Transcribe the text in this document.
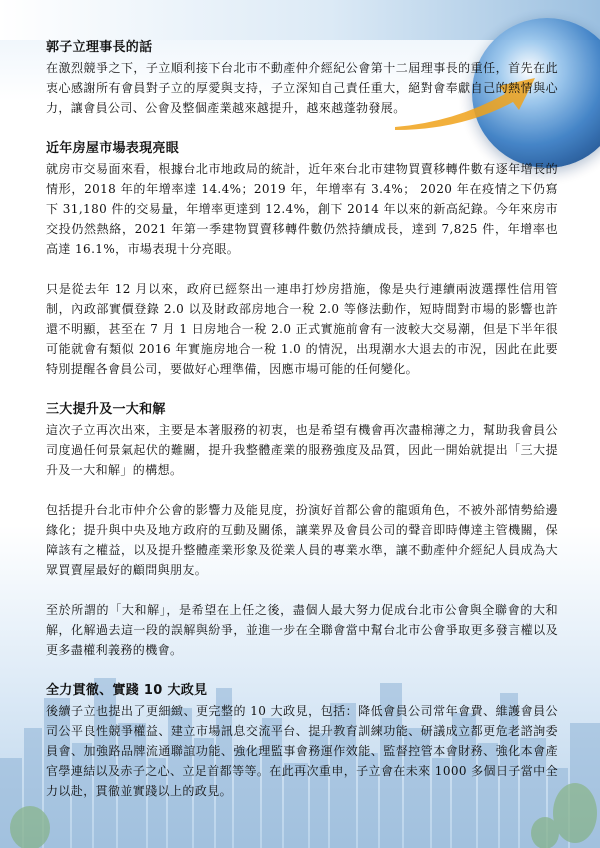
郭子立理事長的話

在激烈競爭之下，子立順利接下台北市不動產仲介經紀公會第十二屆理事長的重任，首先在此衷心感謝所有會員對子立的厚愛與支持，子立深知自己責任重大，絕對會奉獻自己的熱情與心力，讓會員公司、公會及整個產業越來越提升，越來越蓬勃發展。

近年房屋市場表現亮眼

就房市交易面來看，根據台北市地政局的統計，近年來台北市建物買賣移轉件數有逐年增長的情形，2018 年的年增率達 14.4%；2019 年，年增率有 3.4%； 2020 年在疫情之下仍寫下 31,180 件的交易量，年增率更達到 12.4%，創下 2014 年以來的新高紀錄。今年來房市交投仍然熱絡，2021 年第一季建物買賣移轉件數仍然持續成長，達到 7,825 件，年增率也高達 16.1%，市場表現十分亮眼。

只是從去年 12 月以來，政府已經祭出一連串打炒房措施，像是央行連續兩波選擇性信用管制，內政部實價登錄 2.0 以及財政部房地合一稅 2.0 等修法動作，短時間對市場的影響也許還不明顯，甚至在 7 月 1 日房地合一稅 2.0 正式實施前會有一波較大交易潮，但是下半年很可能就會有類似 2016 年實施房地合一稅 1.0 的情況，出現潮水大退去的市況，因此在此要特別提醒各會員公司，要做好心理準備，因應市場可能的任何變化。

三大提升及一大和解

這次子立再次出來，主要是本著服務的初衷，也是希望有機會再次盡棉薄之力，幫助我會員公司度過任何景氣起伏的難關，提升我整體產業的服務強度及品質，因此一開始就提出「三大提升及一大和解」的構想。

包括提升台北市仲介公會的影響力及能見度，扮演好首都公會的龍頭角色，不被外部情勢給邊緣化；提升與中央及地方政府的互動及關係，讓業界及會員公司的聲音即時傳達主管機關，保障該有之權益，以及提升整體產業形象及從業人員的專業水準，讓不動產仲介經紀人員成為大眾買賣屋最好的顧問與朋友。

至於所謂的「大和解」，是希望在上任之後，盡個人最大努力促成台北市公會與全聯會的大和解，化解過去這一段的誤解與紛爭，並進一步在全聯會當中幫台北市公會爭取更多發言權以及更多盡權利義務的機會。

全力貫徹、實踐 10 大政見

後續子立也提出了更細緻、更完整的 10 大政見，包括：降低會員公司常年會費、維護會員公司公平良性競爭權益、建立市場訊息交流平台、提升教育訓練功能、研議成立都更危老諮詢委員會、加強路品牌流通聯誼功能、強化理監事會務運作效能、監督控管本會財務、強化本會產官學連結以及赤子之心、立足首都等等。在此再次重申，子立會在未來 1000 多個日子當中全力以赴，貫徹並實踐以上的政見。
